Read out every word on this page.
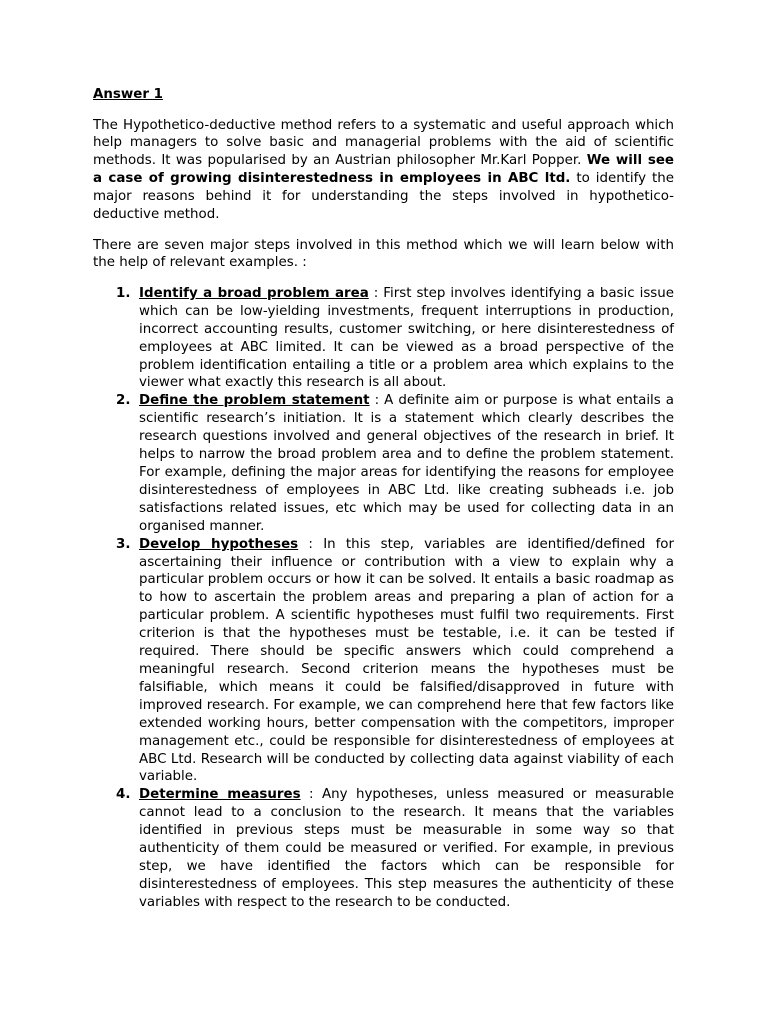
Answer 1

The Hypothetico-deductive method refers to a systematic and useful approach which help managers to solve basic and managerial problems with the aid of scientific methods. It was popularised by an Austrian philosopher Mr.Karl Popper. We will see a case of growing disinterestedness in employees in ABC ltd. to identify the major reasons behind it for understanding the steps involved in hypothetico-deductive method.

There are seven major steps involved in this method which we will learn below with the help of relevant examples. :

1. Identify a broad problem area : First step involves identifying a basic issue which can be low-yielding investments, frequent interruptions in production, incorrect accounting results, customer switching, or here disinterestedness of employees at ABC limited. It can be viewed as a broad perspective of the problem identification entailing a title or a problem area which explains to the viewer what exactly this research is all about.
2. Define the problem statement : A definite aim or purpose is what entails a scientific research’s initiation. It is a statement which clearly describes the research questions involved and general objectives of the research in brief. It helps to narrow the broad problem area and to define the problem statement. For example, defining the major areas for identifying the reasons for employee disinterestedness of employees in ABC Ltd. like creating subheads i.e. job satisfactions related issues, etc which may be used for collecting data in an organised manner.
3. Develop hypotheses : In this step, variables are identified/defined for ascertaining their influence or contribution with a view to explain why a particular problem occurs or how it can be solved. It entails a basic roadmap as to how to ascertain the problem areas and preparing a plan of action for a particular problem. A scientific hypotheses must fulfil two requirements. First criterion is that the hypotheses must be testable, i.e. it can be tested if required. There should be specific answers which could comprehend a meaningful research. Second criterion means the hypotheses must be falsifiable, which means it could be falsified/disapproved in future with improved research. For example, we can comprehend here that few factors like extended working hours, better compensation with the competitors, improper management etc., could be responsible for disinterestedness of employees at ABC Ltd. Research will be conducted by collecting data against viability of each variable.
4. Determine measures : Any hypotheses, unless measured or measurable cannot lead to a conclusion to the research. It means that the variables identified in previous steps must be measurable in some way so that authenticity of them could be measured or verified. For example, in previous step, we have identified the factors which can be responsible for disinterestedness of employees. This step measures the authenticity of these variables with respect to the research to be conducted.
